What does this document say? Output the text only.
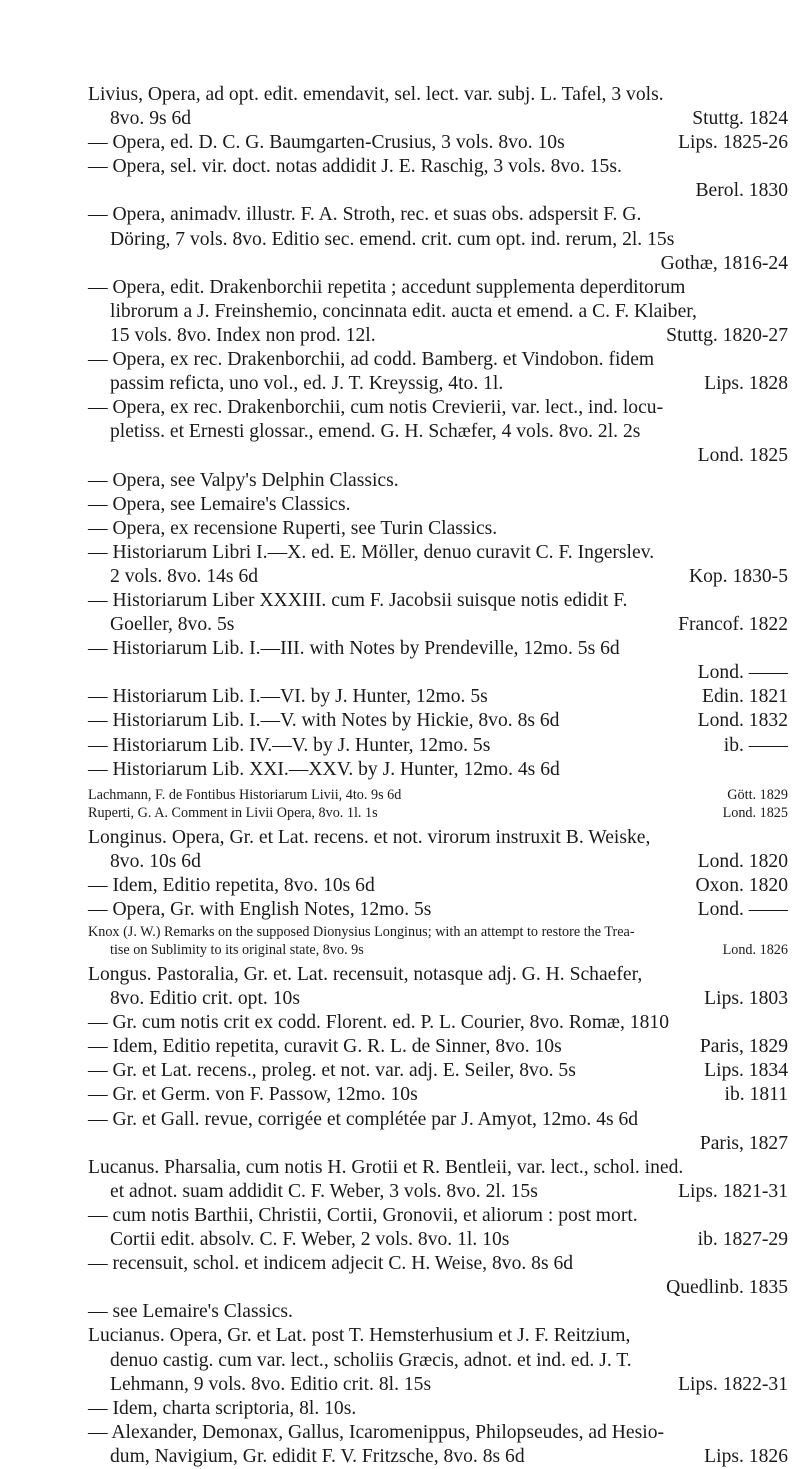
Livius, Opera, ad opt. edit. emendavit, sel. lect. var. subj. L. Tafel, 3 vols.
8vo. 9s 6d	Stuttg. 1824
— Opera, ed. D. C. G. Baumgarten-Crusius, 3 vols. 8vo. 10s	Lips. 1825-26
— Opera, sel. vir. doct. notas addidit J. E. Raschig, 3 vols. 8vo. 15s.
Berol. 1830
— Opera, animadv. illustr. F. A. Stroth, rec. et suas obs. adspersit F. G.
Döring, 7 vols. 8vo. Editio sec. emend. crit. cum opt. ind. rerum, 2l. 15s
Gothæ, 1816-24
— Opera, edit. Drakenborchii repetita ; accedunt supplementa deperditorum
librorum a J. Freinshemio, concinnata edit. aucta et emend. a C. F. Klaiber,
15 vols. 8vo. Index non prod. 12l.	Stuttg. 1820-27
— Opera, ex rec. Drakenborchii, ad codd. Bamberg. et Vindobon. fidem
passim reficta, uno vol., ed. J. T. Kreyssig, 4to. 1l.	Lips. 1828
— Opera, ex rec. Drakenborchii, cum notis Crevierii, var. lect., ind. locu-
pletiss. et Ernesti glossar., emend. G. H. Schæfer, 4 vols. 8vo. 2l. 2s
Lond. 1825
— Opera, see Valpy's Delphin Classics.
— Opera, see Lemaire's Classics.
— Opera, ex recensione Ruperti, see Turin Classics.
— Historiarum Libri I.—X. ed. E. Möller, denuo curavit C. F. Ingerslev.
2 vols. 8vo. 14s 6d	Kop. 1830-5
— Historiarum Liber XXXIII. cum F. Jacobsii suisque notis edidit F.
Goeller, 8vo. 5s	Francof. 1822
— Historiarum Lib. I.—III. with Notes by Prendeville, 12mo. 5s 6d
Lond. ——
— Historiarum Lib. I.—VI. by J. Hunter, 12mo. 5s	Edin. 1821
— Historiarum Lib. I.—V. with Notes by Hickie, 8vo. 8s 6d	Lond. 1832
— Historiarum Lib. IV.—V. by J. Hunter, 12mo. 5s	ib. ——
— Historiarum Lib. XXI.—XXV. by J. Hunter, 12mo. 4s 6d
Lachmann, F. de Fontibus Historiarum Livii, 4to. 9s 6d	Gött. 1829
Ruperti, G. A. Comment in Livii Opera, 8vo. 1l. 1s	Lond. 1825
Longinus. Opera, Gr. et Lat. recens. et not. virorum instruxit B. Weiske,
8vo. 10s 6d	Lond. 1820
— Idem, Editio repetita, 8vo. 10s 6d	Oxon. 1820
— Opera, Gr. with English Notes, 12mo. 5s	Lond. ——
Knox (J. W.) Remarks on the supposed Dionysius Longinus; with an attempt to restore the Trea-
tise on Sublimity to its original state, 8vo. 9s	Lond. 1826
Longus. Pastoralia, Gr. et. Lat. recensuit, notasque adj. G. H. Schaefer,
8vo. Editio crit. opt. 10s	Lips. 1803
— Gr. cum notis crit ex codd. Florent. ed. P. L. Courier, 8vo. Romæ, 1810
— Idem, Editio repetita, curavit G. R. L. de Sinner, 8vo. 10s	Paris, 1829
— Gr. et Lat. recens., proleg. et not. var. adj. E. Seiler, 8vo. 5s	Lips. 1834
— Gr. et Germ. von F. Passow, 12mo. 10s	ib. 1811
— Gr. et Gall. revue, corrigée et complétée par J. Amyot, 12mo. 4s 6d
Paris, 1827
Lucanus. Pharsalia, cum notis H. Grotii et R. Bentleii, var. lect., schol. ined.
et adnot. suam addidit C. F. Weber, 3 vols. 8vo. 2l. 15s	Lips. 1821-31
— cum notis Barthii, Christii, Cortii, Gronovii, et aliorum : post mort.
Cortii edit. absolv. C. F. Weber, 2 vols. 8vo. 1l. 10s	ib. 1827-29
— recensuit, schol. et indicem adjecit C. H. Weise, 8vo. 8s 6d
Quedlinb. 1835
— see Lemaire's Classics.
Lucianus. Opera, Gr. et Lat. post T. Hemsterhusium et J. F. Reitzium,
denuo castig. cum var. lect., scholiis Græcis, adnot. et ind. ed. J. T.
Lehmann, 9 vols. 8vo. Editio crit. 8l. 15s	Lips. 1822-31
— Idem, charta scriptoria, 8l. 10s.
— Alexander, Demonax, Gallus, Icaromenippus, Philopseudes, ad Hesio-
dum, Navigium, Gr. edidit F. V. Fritzsche, 8vo. 8s 6d	Lips. 1826
